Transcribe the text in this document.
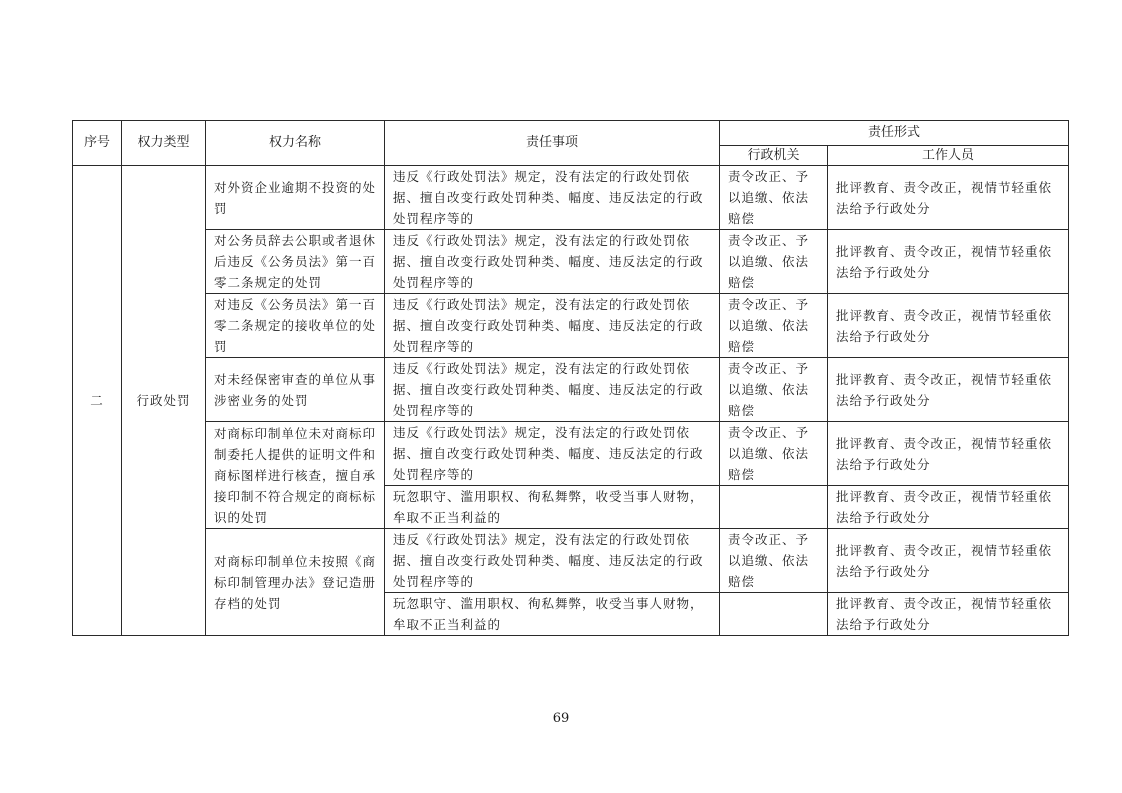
序号	权力类型	权力名称	责任事项	责任形式	
				行政机关	工作人员
二	行政处罚	对外资企业逾期不投资的处罚	违反《行政处罚法》规定，没有法定的行政处罚依据、擅自改变行政处罚种类、幅度、违反法定的行政处罚程序等的	责令改正、予以追缴、依法赔偿	批评教育、责令改正，视情节轻重依法给予行政处分
		对公务员辞去公职或者退休后违反《公务员法》第一百零二条规定的处罚	违反《行政处罚法》规定，没有法定的行政处罚依据、擅自改变行政处罚种类、幅度、违反法定的行政处罚程序等的	责令改正、予以追缴、依法赔偿	批评教育、责令改正，视情节轻重依法给予行政处分
		对违反《公务员法》第一百零二条规定的接收单位的处罚	违反《行政处罚法》规定，没有法定的行政处罚依据、擅自改变行政处罚种类、幅度、违反法定的行政处罚程序等的	责令改正、予以追缴、依法赔偿	批评教育、责令改正，视情节轻重依法给予行政处分
		对未经保密审查的单位从事涉密业务的处罚	违反《行政处罚法》规定，没有法定的行政处罚依据、擅自改变行政处罚种类、幅度、违反法定的行政处罚程序等的	责令改正、予以追缴、依法赔偿	批评教育、责令改正，视情节轻重依法给予行政处分
		对商标印制单位未对商标印制委托人提供的证明文件和商标图样进行核查，擅自承接印制不符合规定的商标标识的处罚	违反《行政处罚法》规定，没有法定的行政处罚依据、擅自改变行政处罚种类、幅度、违反法定的行政处罚程序等的	责令改正、予以追缴、依法赔偿	批评教育、责令改正，视情节轻重依法给予行政处分
			玩忽职守、滥用职权、徇私舞弊，收受当事人财物，牟取不正当利益的		批评教育、责令改正，视情节轻重依法给予行政处分
		对商标印制单位未按照《商标印制管理办法》登记造册存档的处罚	违反《行政处罚法》规定，没有法定的行政处罚依据、擅自改变行政处罚种类、幅度、违反法定的行政处罚程序等的	责令改正、予以追缴、依法赔偿	批评教育、责令改正，视情节轻重依法给予行政处分
			玩忽职守、滥用职权、徇私舞弊，收受当事人财物，牟取不正当利益的		批评教育、责令改正，视情节轻重依法给予行政处分
69
